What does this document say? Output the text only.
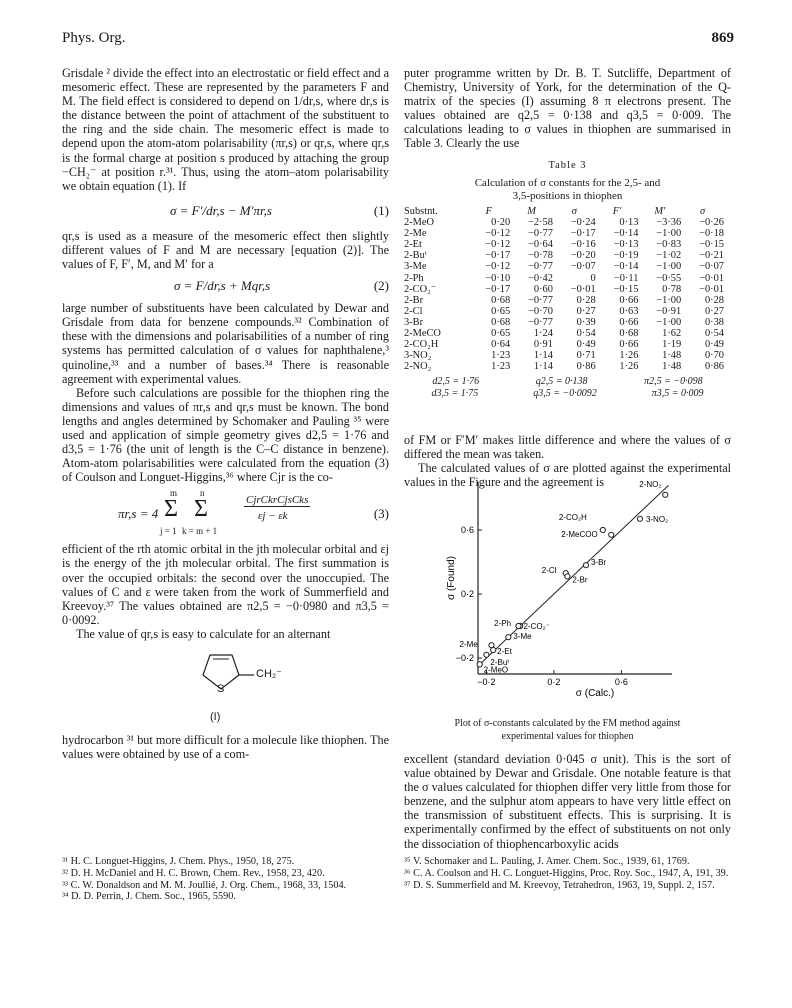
Phys. Org.	869

Grisdale ² divide the effect into an electrostatic or field effect and a mesomeric effect. These are represented by the parameters F and M. The field effect is considered to depend on 1/dr,s, where dr,s is the distance between the point of attachment of the substituent to the ring and the side chain. The mesomeric effect is made to depend upon the atom-atom polarisability (πr,s) or qr,s, where qr,s is the formal charge at position s produced by attaching the group −CH₂⁻ at position r.³¹. Thus, using the atom–atom polarisability we obtain equation (1). If

σ = F′/dr,s − M′πr,s	(1)

qr,s is used as a measure of the mesomeric effect then slightly different values of F and M are necessary [equation (2)]. The values of F, F′, M, and M′ for a

σ = F/dr,s + Mqr,s	(2)

large number of substituents have been calculated by Dewar and Grisdale from data for benzene compounds.³² Combination of these with the dimensions and polarisabilities of a number of ring systems has permitted calculation of σ values for naphthalene,³ quinoline,³³ and a number of bases.³⁴ There is reasonable agreement with experimental values.

Before such calculations are possible for the thiophen ring the dimensions and values of πr,s and qr,s must be known. The bond lengths and angles determined by Schomaker and Pauling ³⁵ were used and application of simple geometry gives d2,5 = 1·76 and d3,5 = 1·76 (the unit of length is the C–C distance in benzene). Atom-atom polarisabilities were calculated from the equation (3) of Coulson and Longuet-Higgins,³⁶ where Cjr is the co-

πr,s = 4
m
Σ
j = 1
n
Σ
k = m + 1
CjrCkrCjsCks
εj − εk	(3)

efficient of the rth atomic orbital in the jth molecular orbital and εj is the energy of the jth molecular orbital. The first summation is over the occupied orbitals: the second over the unoccupied. The values of C and ε were taken from the work of Summerfield and Kreevoy.³⁷ The values obtained are π2,5 = −0·0980 and π3,5 = 0·0092.

The value of qr,s is easy to calculate for an alternant

S
CH₂⁻
(I)

hydrocarbon ³¹ but more difficult for a molecule like thiophen. The values were obtained by use of a com-

puter programme written by Dr. B. T. Sutcliffe, Department of Chemistry, University of York, for the determination of the Q-matrix of the species (I) assuming 8 π electrons present. The values obtained are q2,5 = 0·138 and q3,5 = 0·009. The calculations leading to σ values in thiophen are summarised in Table 3. Clearly the use

Table 3
Calculation of σ constants for the 2,5- and
3,5-positions in thiophen
Substnt.	F	M	σ	F′	M′	σ
2-MeO	0·20	−2·58	−0·24	0·13	−3·36	−0·26
2-Me	−0·12	−0·77	−0·17	−0·14	−1·00	−0·18
2-Et	−0·12	−0·64	−0·16	−0·13	−0·83	−0·15
2-Buᵗ	−0·17	−0·78	−0·20	−0·19	−1·02	−0·21
3-Me	−0·12	−0·77	−0·07	−0·14	−1·00	−0·07
2-Ph	−0·10	−0·42	0	−0·11	−0·55	−0·01
2-CO₂⁻	−0·17	0·60	−0·01	−0·15	0·78	−0·01
2-Br	0·68	−0·77	0·28	0·66	−1·00	0·28
2-Cl	0·65	−0·70	0·27	0·63	−0·91	0·27
3-Br	0·68	−0·77	0·39	0·66	−1·00	0·38
2-MeCO	0·65	1·24	0·54	0·68	1·62	0·54
2-CO₂H	0·64	0·91	0·49	0·66	1·19	0·49
3-NO₂	1·23	1·14	0·71	1·26	1·48	0·70
2-NO₂	1·23	1·14	0·86	1·26	1·48	0·86
d2,5 = 1·76	q2,5 = 0·138	π2,5 = −0·098
d3,5 = 1·75	q3,5 = −0·0092	π3,5 = 0·009

of FM or F′M′ makes little difference and where the values of σ differed the mean was taken.

The calculated values of σ are plotted against the experimental values in the Figure and the agreement is

−0·2	0·2	0·6
0·6
0·2
−0·2
σ (Calc.)
σ (Found)
2-NO₂
3-NO₂
2-CO₂H
2-MeCOO
3-Br
2-Cl
2-Br
2-Ph 2-CO₂⁻
3-Me
2-Me
2-Et
2-Buᵗ
2-MeO
Plot of σ-constants calculated by the FM method against
experimental values for thiophen

excellent (standard deviation 0·045 σ unit). This is the sort of value obtained by Dewar and Grisdale. One notable feature is that the σ values calculated for thiophen differ very little from those for benzene, and the sulphur atom appears to have very little effect on the transmission of substituent effects. This is surprising. It is experimentally confirmed by the effect of substituents on not only the dissociation of thiophencarboxylic acids

³¹ H. C. Longuet-Higgins, J. Chem. Phys., 1950, 18, 275.

³² D. H. McDaniel and H. C. Brown, Chem. Rev., 1958, 23, 420.

³³ C. W. Donaldson and M. M. Joullié, J. Org. Chem., 1968, 33, 1504.

³⁴ D. D. Perrin, J. Chem. Soc., 1965, 5590.

³⁵ V. Schomaker and L. Pauling, J. Amer. Chem. Soc., 1939, 61, 1769.

³⁶ C. A. Coulson and H. C. Longuet-Higgins, Proc. Roy. Soc., 1947, A, 191, 39.

³⁷ D. S. Summerfield and M. Kreevoy, Tetrahedron, 1963, 19, Suppl. 2, 157.
